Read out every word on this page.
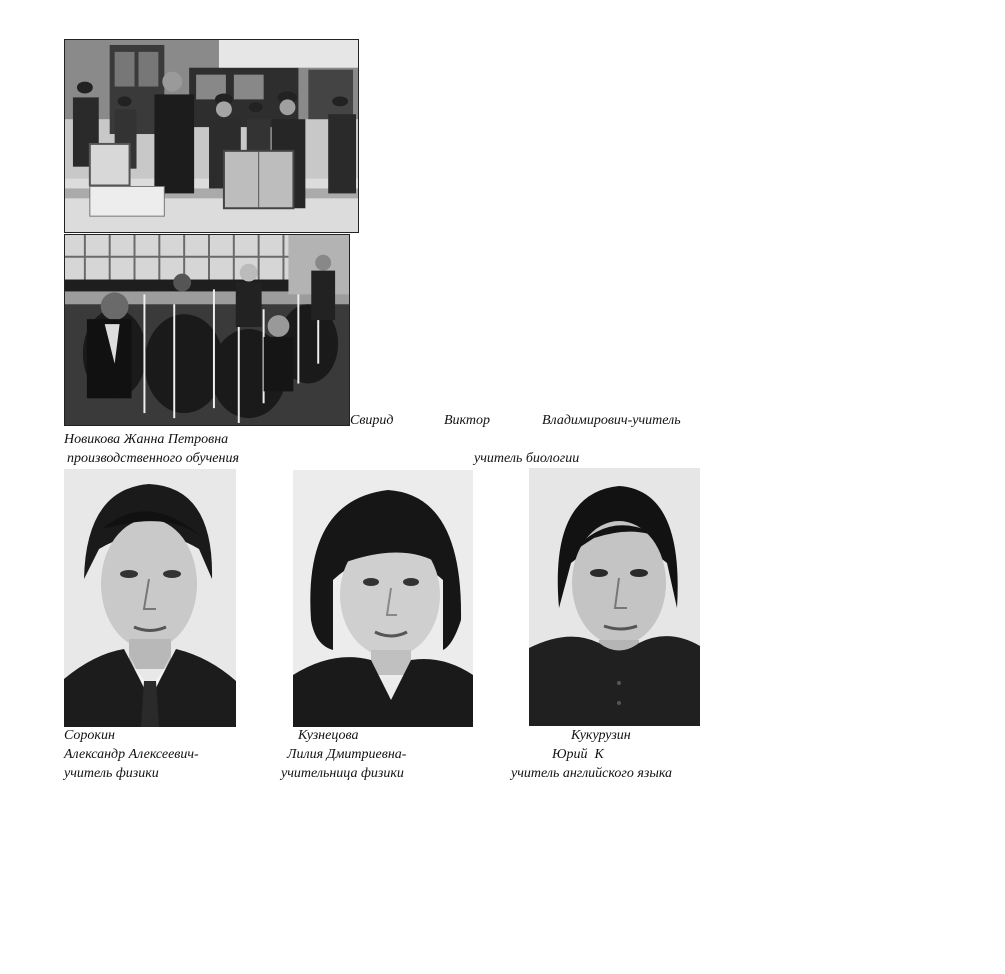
Свирид	Виктор	Владимирович-учитель
Новикова Жанна Петровна
производственного обучения	учитель биологии
Сорокин
Александр Алексеевич-
учитель физики
Кузнецова
Лилия Дмитриевна-
учительница физики
Кукурузин
Юрий  К
учитель английского языка
